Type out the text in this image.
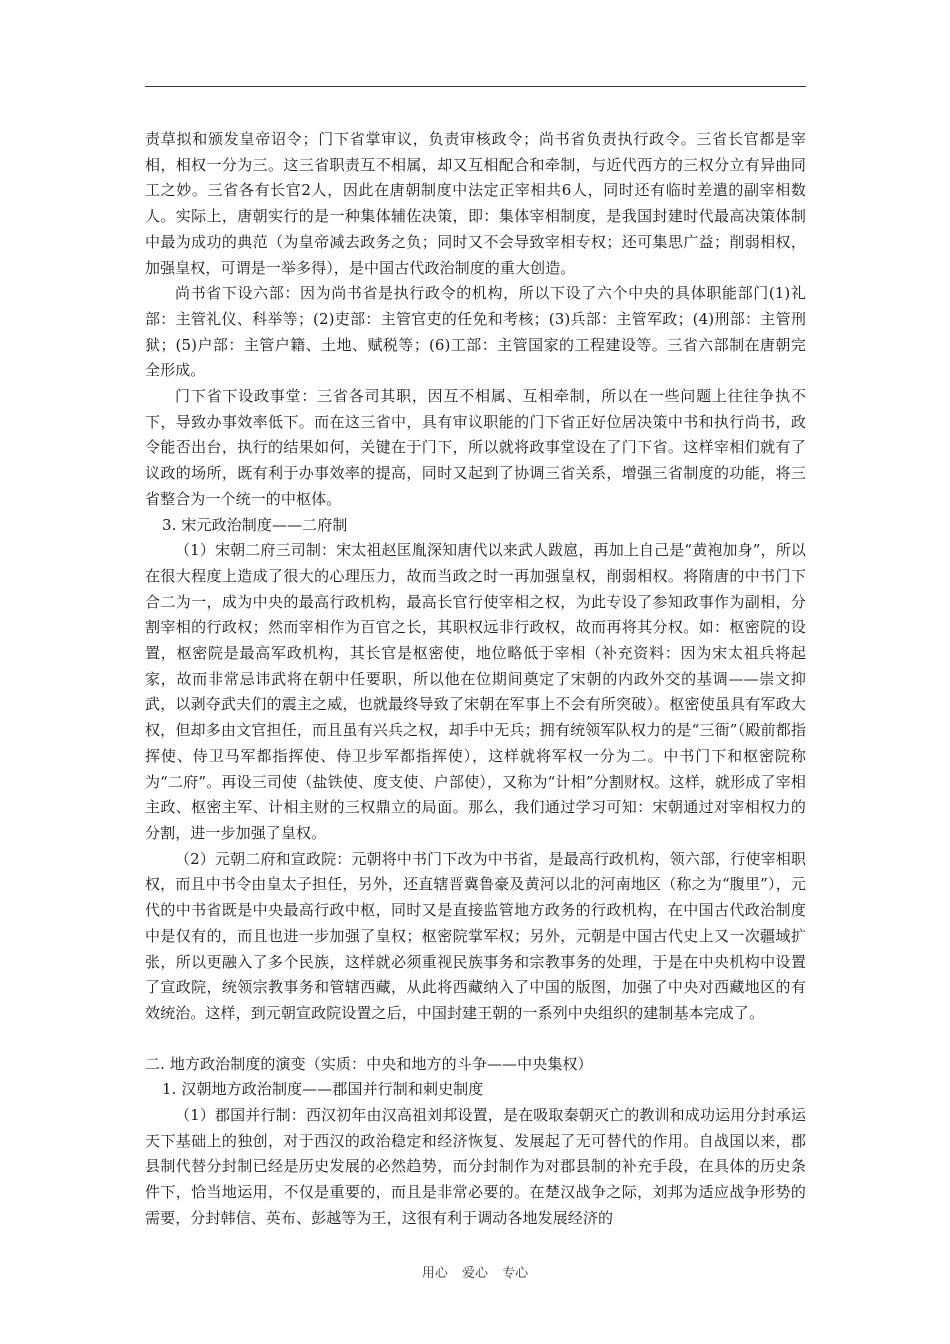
责草拟和颁发皇帝诏令；门下省掌审议，负责审核政令；尚书省负责执行政令。三省长官都是宰相，相权一分为三。这三省职责互不相属，却又互相配合和牵制，与近代西方的三权分立有异曲同工之妙。三省各有长官2人，因此在唐朝制度中法定正宰相共6人，同时还有临时差遣的副宰相数人。实际上，唐朝实行的是一种集体辅佐决策，即：集体宰相制度，是我国封建时代最高决策体制中最为成功的典范（为皇帝减去政务之负；同时又不会导致宰相专权；还可集思广益；削弱相权，加强皇权，可谓是一举多得），是中国古代政治制度的重大创造。

尚书省下设六部：因为尚书省是执行政令的机构，所以下设了六个中央的具体职能部门(1)礼部：主管礼仪、科举等；(2)吏部：主管官吏的任免和考核；(3)兵部：主管军政；(4)刑部：主管刑狱；(5)户部：主管户籍、土地、赋税等；(6)工部：主管国家的工程建设等。三省六部制在唐朝完全形成。

门下省下设政事堂：三省各司其职，因互不相属、互相牵制，所以在一些问题上往往争执不下，导致办事效率低下。而在这三省中，具有审议职能的门下省正好位居决策中书和执行尚书，政令能否出台，执行的结果如何，关键在于门下，所以就将政事堂设在了门下省。这样宰相们就有了议政的场所，既有利于办事效率的提高，同时又起到了协调三省关系，增强三省制度的功能，将三省整合为一个统一的中枢体。

3. 宋元政治制度——二府制

（1）宋朝二府三司制：宋太祖赵匡胤深知唐代以来武人跋扈，再加上自己是“黄袍加身”，所以在很大程度上造成了很大的心理压力，故而当政之时一再加强皇权，削弱相权。将隋唐的中书门下合二为一，成为中央的最高行政机构，最高长官行使宰相之权，为此专设了参知政事作为副相，分割宰相的行政权；然而宰相作为百官之长，其职权远非行政权，故而再将其分权。如：枢密院的设置，枢密院是最高军政机构，其长官是枢密使，地位略低于宰相（补充资料：因为宋太祖兵将起家，故而非常忌讳武将在朝中任要职，所以他在位期间奠定了宋朝的内政外交的基调——崇文抑武，以剥夺武夫们的震主之威，也就最终导致了宋朝在军事上不会有所突破）。枢密使虽具有军政大权，但却多由文官担任，而且虽有兴兵之权，却手中无兵；拥有统领军队权力的是“三衙”（殿前都指挥使、侍卫马军都指挥使、侍卫步军都指挥使），这样就将军权一分为二。中书门下和枢密院称为“二府”。再设三司使（盐铁使、度支使、户部使），又称为“计相”分割财权。这样，就形成了宰相主政、枢密主军、计相主财的三权鼎立的局面。那么，我们通过学习可知：宋朝通过对宰相权力的分割，进一步加强了皇权。

（2）元朝二府和宣政院：元朝将中书门下改为中书省，是最高行政机构，领六部，行使宰相职权，而且中书令由皇太子担任，另外，还直辖晋冀鲁豪及黄河以北的河南地区（称之为“腹里”），元代的中书省既是中央最高行政中枢，同时又是直接监管地方政务的行政机构，在中国古代政治制度中是仅有的，而且也进一步加强了皇权；枢密院掌军权；另外，元朝是中国古代史上又一次疆域扩张，所以更融入了多个民族，这样就必须重视民族事务和宗教事务的处理，于是在中央机构中设置了宣政院，统领宗教事务和管辖西藏，从此将西藏纳入了中国的版图，加强了中央对西藏地区的有效统治。这样，到元朝宣政院设置之后，中国封建王朝的一系列中央组织的建制基本完成了。

二. 地方政治制度的演变（实质：中央和地方的斗争——中央集权）

1. 汉朝地方政治制度——郡国并行制和刺史制度

（1）郡国并行制：西汉初年由汉高祖刘邦设置，是在吸取秦朝灭亡的教训和成功运用分封承运天下基础上的独创，对于西汉的政治稳定和经济恢复、发展起了无可替代的作用。自战国以来，郡县制代替分封制已经是历史发展的必然趋势，而分封制作为对郡县制的补充手段，在具体的历史条件下，恰当地运用，不仅是重要的，而且是非常必要的。在楚汉战争之际，刘邦为适应战争形势的需要，分封韩信、英布、彭越等为王，这很有利于调动各地发展经济的

用心 爱心 专心
